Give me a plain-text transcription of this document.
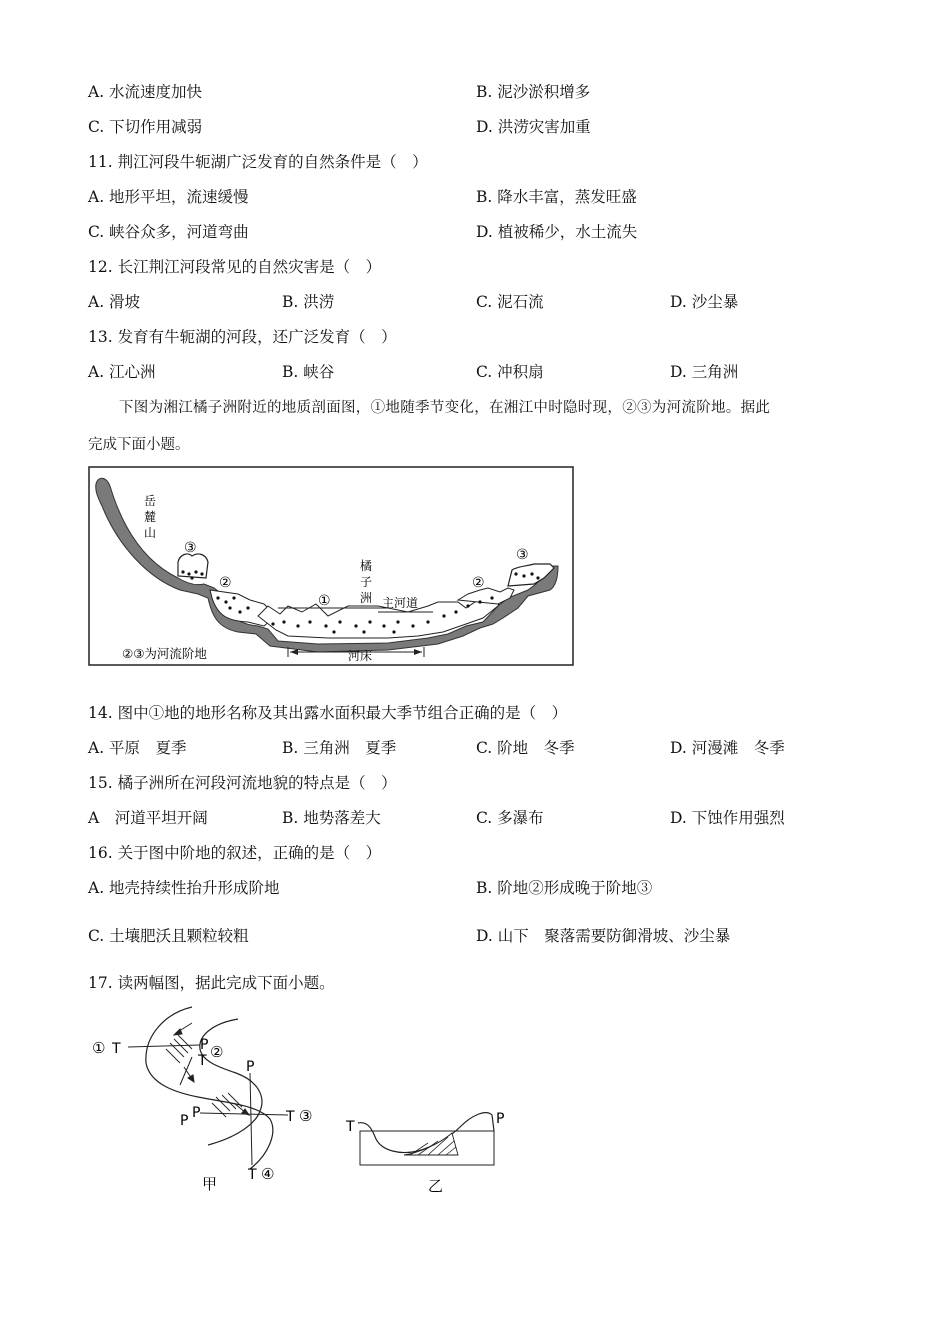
A. 水流速度加快	B. 泥沙淤积增多
C. 下切作用减弱	D. 洪涝灾害加重
11. 荆江河段牛轭湖广泛发育的自然条件是（　）
A. 地形平坦，流速缓慢	B. 降水丰富，蒸发旺盛
C. 峡谷众多，河道弯曲	D. 植被稀少，水土流失
12. 长江荆江河段常见的自然灾害是（　）
A. 滑坡	B. 洪涝	C. 泥石流	D. 沙尘暴
13. 发育有牛轭湖的河段，还广泛发育（　）
A. 江心洲	B. 峡谷	C. 冲积扇	D. 三角洲
下图为湘江橘子洲附近的地质剖面图，①地随季节变化，在湘江中时隐时现，②③为河流阶地。据此
完成下面小题。
岳
麓
山
③
②
橘
子
洲
①	主河道
②
③
河床
②③为河流阶地
14. 图中①地的地形名称及其出露水面积最大季节组合正确的是（　）
A. 平原　夏季	B. 三角洲　夏季	C. 阶地　冬季	D. 河漫滩　冬季
15. 橘子洲所在河段河流地貌的特点是（　）
A　河道平坦开阔	B. 地势落差大	C. 多瀑布	D. 下蚀作用强烈
16. 关于图中阶地的叙述，正确的是（　）
A. 地壳持续性抬升形成阶地	B. 阶地②形成晚于阶地③
C. 土壤肥沃且颗粒较粗	D. 山下　聚落需要防御滑坡、沙尘暴
17. 读两幅图，据此完成下面小题。
① T	P ②
T	P
P
P	T ③
T ④
甲
T	P
乙
